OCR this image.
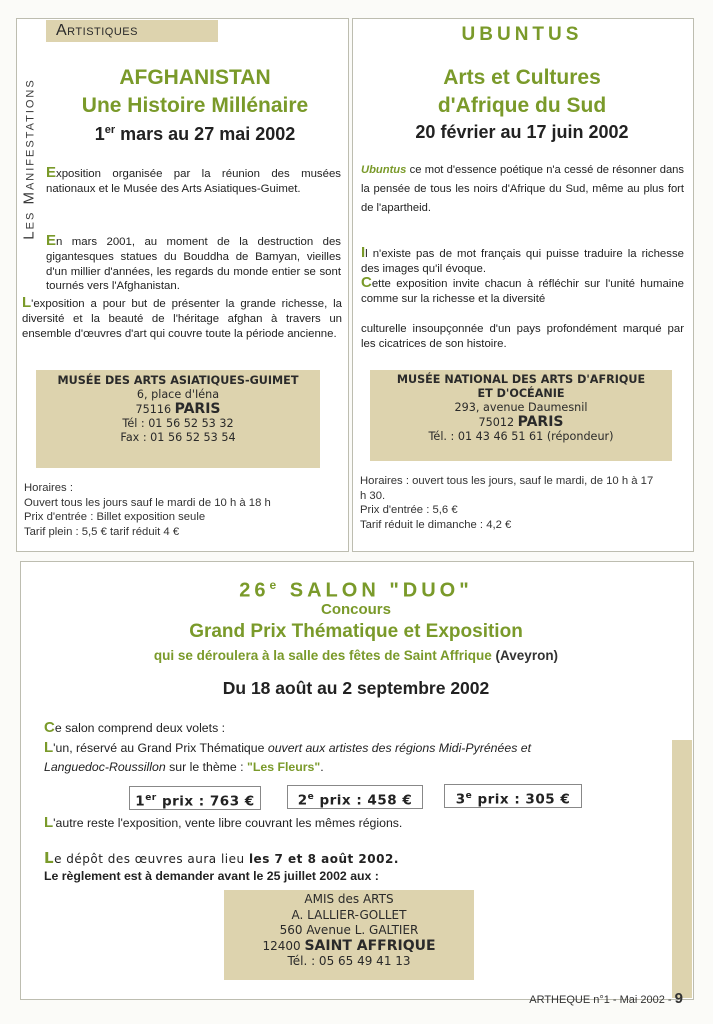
Les Manifestations
Artistiques
AFGHANISTAN
Une Histoire Millénaire
1er mars au 27 mai 2002
Exposition organisée par la réunion des musées nationaux et le Musée des Arts Asiatiques-Guimet.
En mars 2001, au moment de la destruction des gigantesques statues du Bouddha de Bamyan, vieilles d'un millier d'années, les regards du monde entier se sont tournés vers l'Afghanistan.
L'exposition a pour but de présenter la grande richesse, la diversité et la beauté de l'héritage afghan à travers un ensemble d'œuvres d'art qui couvre toute la période ancienne.
MUSÉE DES ARTS ASIATIQUES-GUIMET
6, place d'Iéna
75116 PARIS
Tél : 01 56 52 53 32
Fax : 01 56 52 53 54
Horaires :
Ouvert tous les jours sauf le mardi de 10 h à 18 h
Prix d'entrée : Billet exposition seule
Tarif plein : 5,5 € tarif réduit 4 €
UBUNTUS
Arts et Cultures
d'Afrique du Sud
20 février au 17 juin 2002
Ubuntus ce mot d'essence poétique n'a cessé de résonner dans la pensée de tous les noirs d'Afrique du Sud, même au plus fort de l'apartheid.
Il n'existe pas de mot français qui puisse traduire la richesse des images qu'il évoque.
Cette exposition invite chacun à réfléchir sur l'unité humaine comme sur la richesse et la diversité
culturelle insoupçonnée d'un pays profondément marqué par les cicatrices de son histoire.
MUSÉE NATIONAL DES ARTS D'AFRIQUE
ET D'OCÉANIE
293, avenue Daumesnil
75012 PARIS
Tél. : 01 43 46 51 61 (répondeur)
Horaires : ouvert tous les jours, sauf le mardi, de 10 h à 17 h 30.
Prix d'entrée : 5,6 €
Tarif réduit le dimanche : 4,2 €
26e SALON "DUO"
Concours
Grand Prix Thématique et Exposition
qui se déroulera à la salle des fêtes de Saint Affrique (Aveyron)
Du 18 août au 2 septembre 2002
Ce salon comprend deux volets :
L'un, réservé au Grand Prix Thématique ouvert aux artistes des régions Midi-Pyrénées et
Languedoc-Roussillon sur le thème : "Les Fleurs".
1er prix : 763 €	2e prix : 458 €	3e prix : 305 €
L'autre reste l'exposition, vente libre couvrant les mêmes régions.
Le dépôt des œuvres aura lieu les 7 et 8 août 2002.
Le règlement est à demander avant le 25 juillet 2002 aux :
AMIS des ARTS
A. LALLIER-GOLLET
560 Avenue L. GALTIER
12400 SAINT AFFRIQUE
Tél. : 05 65 49 41 13
ARTHEQUE n°1 - Mai 2002 - 9
